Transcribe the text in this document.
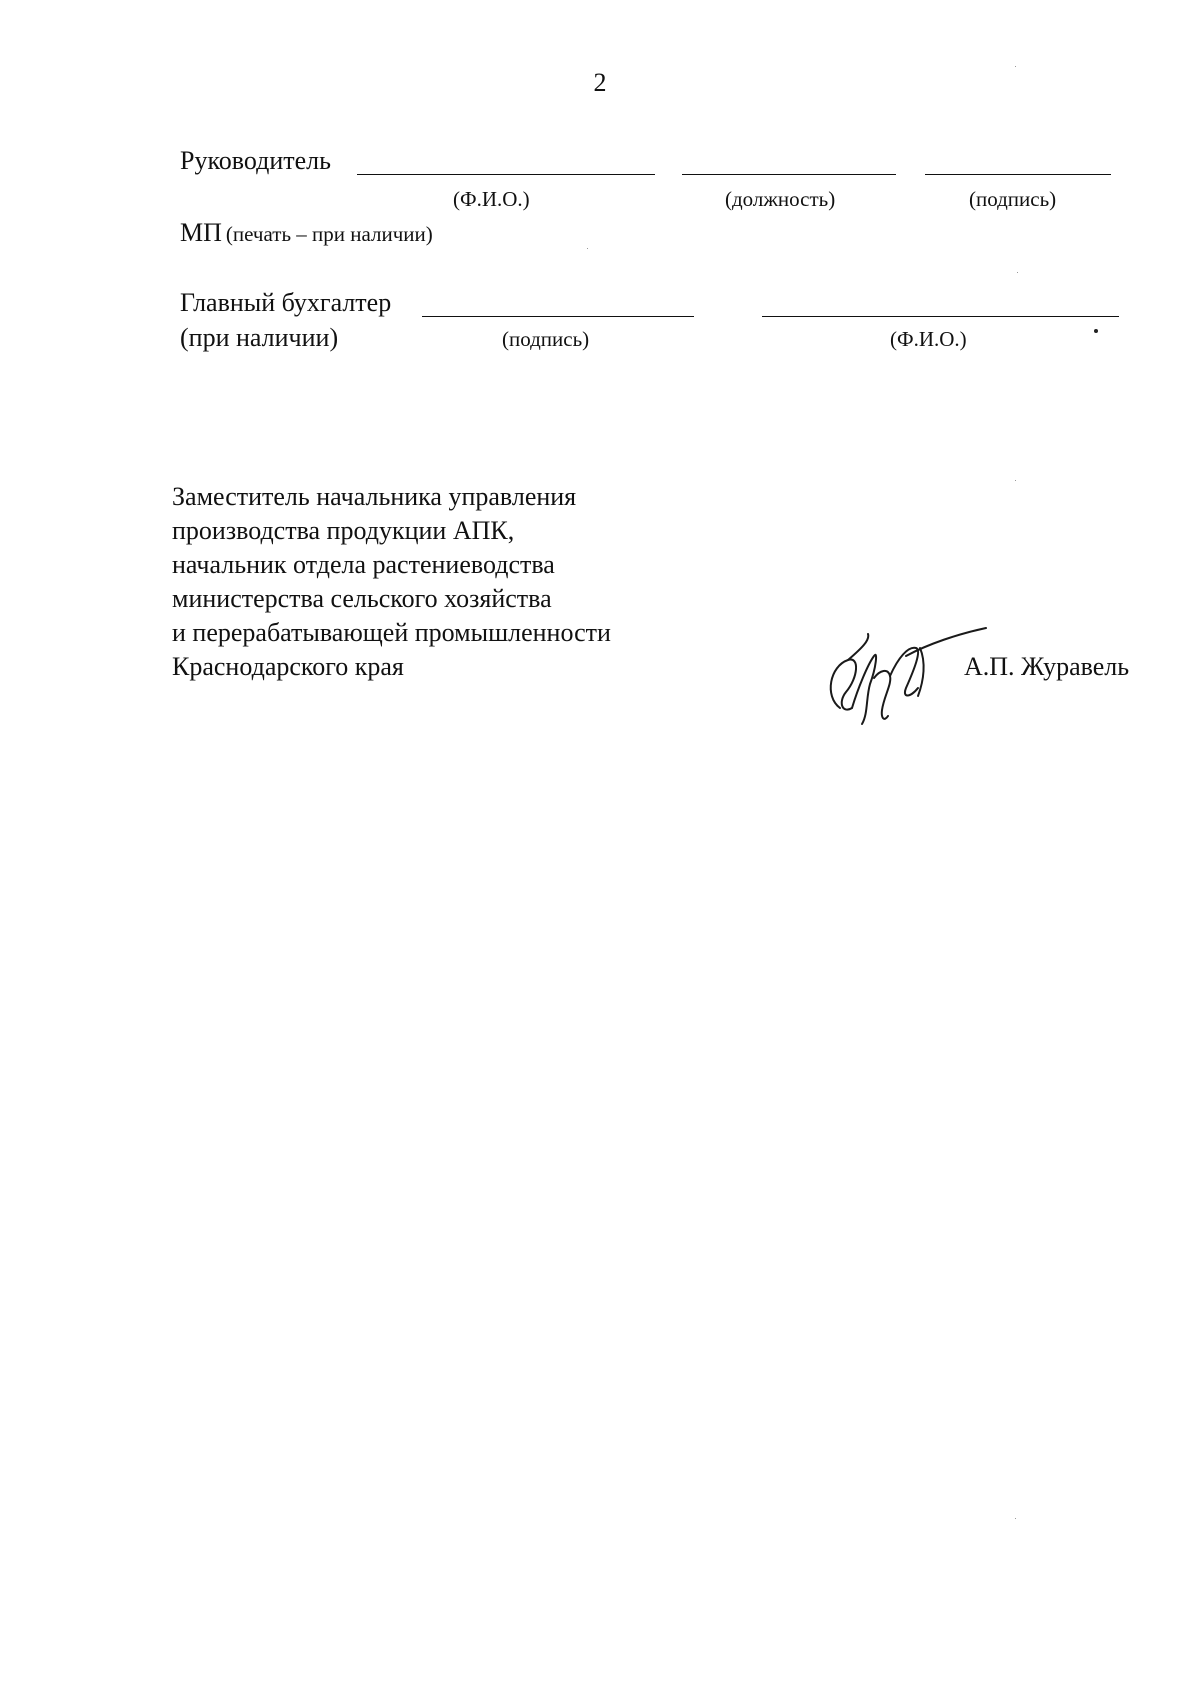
2
Руководитель
(Ф.И.О.)	(должность)	(подпись)
МП (печать – при наличии)
Главный бухгалтер
(при наличии)	(подпись)	(Ф.И.О.)
Заместитель начальника управления
производства продукции АПК,
начальник отдела растениеводства
министерства сельского хозяйства
и перерабатывающей промышленности
Краснодарского края	А.П. Журавель
